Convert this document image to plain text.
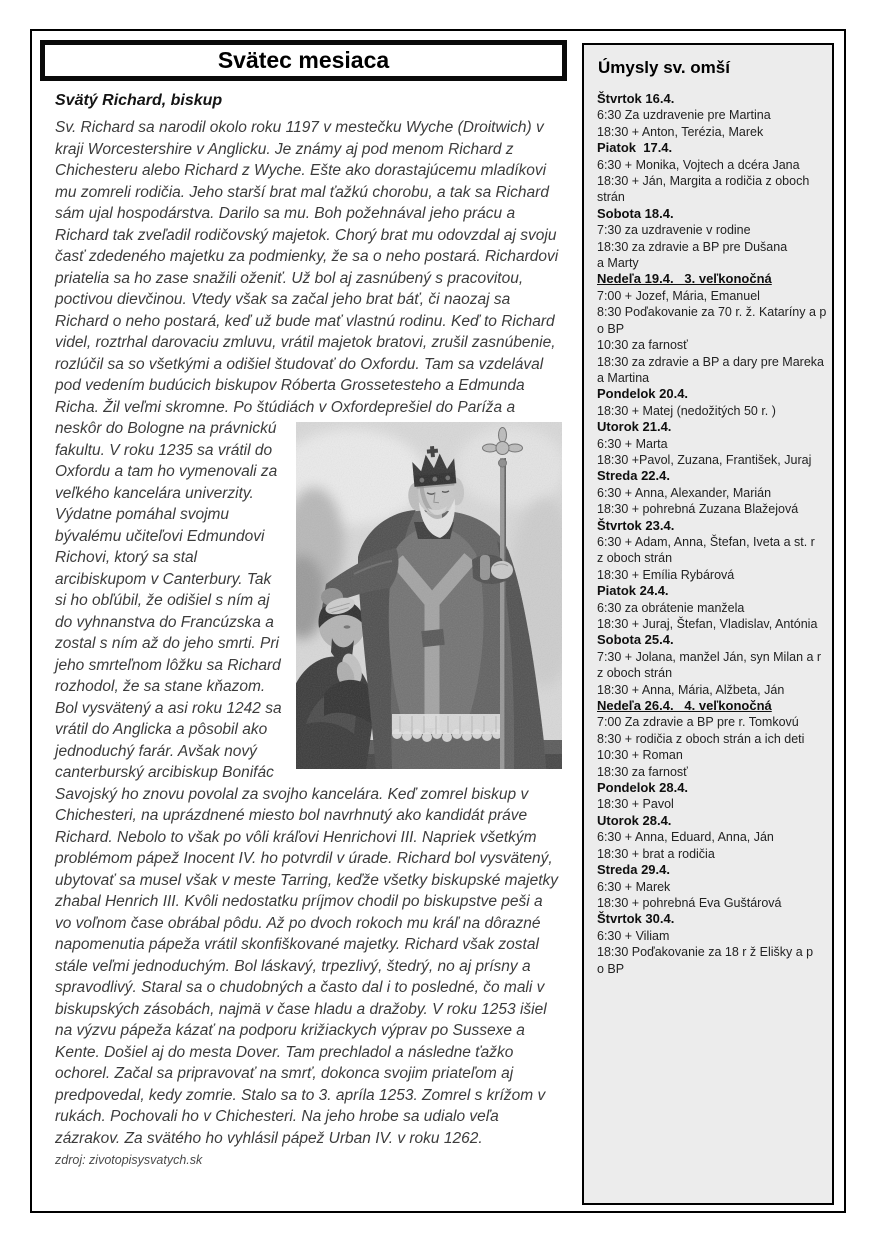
Svätec mesiaca
Svätý Richard, biskup

Sv. Richard sa narodil okolo roku 1197 v mestečku Wyche (Droitwich) v kraji Worcestershire v Anglicku. Je známy aj pod menom Richard z Chichesteru alebo Richard z Wyche. Ešte ako dorastajúcemu mladíkovi mu zomreli rodičia. Jeho starší brat mal ťažkú chorobu, a tak sa Richard sám ujal hospodárstva. Darilo sa mu. Boh požehnával jeho prácu a Richard tak zveľadil rodičovský majetok. Chorý brat mu odovzdal aj svoju časť zdedeného majetku za podmienky, že sa o neho postará. Richardovi priatelia sa ho zase snažili oženiť. Už bol aj zasnúbený s pracovitou, poctivou dievčinou. Vtedy však sa začal jeho brat báť, či naozaj sa Richard o neho postará, keď už bude mať vlastnú rodinu. Keď to Richard videl, roztrhal darovaciu zmluvu, vrátil majetok bratovi, zrušil zasnúbenie, rozlúčil sa so všetkými a odišiel študovať do Oxfordu. Tam sa vzdelával pod vedením budúcich biskupov Róberta Grossetesteho a Edmunda Richa. Žil veľmi skromne. Po štúdiách v Oxforde
prešiel do Paríža a neskôr do Bologne na právnickú fakultu. V roku 1235 sa vrátil do Oxfordu a tam ho vymenovali za veľkého kancelára univerzity. Výdatne pomáhal svojmu bývalému učiteľovi Edmundovi Richovi, ktorý sa stal arcibiskupom v Canterbury. Tak si ho obľúbil, že odišiel s ním aj do vyhnanstva do Francúzska a zostal s ním až do jeho smrti. Pri jeho smrteľnom lôžku sa Richard rozhodol, že sa stane kňazom. Bol vysvätený a asi roku 1242 sa vrátil do Anglicka a pôsobil ako jednoduchý farár. Avšak nový canterburský arcibiskup Bonifác Savojský ho znovu povolal za svojho kancelára. Keď zomrel biskup v Chichesteri, na uprázdnené miesto bol navrhnutý ako kandidát práve Richard. Nebolo to však po vôli kráľovi Henrichovi III. Napriek všetkým problémom pápež Inocent IV. ho potvrdil v úrade. Richard bol vysvätený, ubytovať sa musel však v meste Tarring, keďže všetky biskupské majetky zhabal Henrich III. Kvôli nedostatku príjmov chodil po biskupstve peši a vo voľnom čase obrábal pôdu. Až po dvoch rokoch mu kráľ na dôrazné napomenutia pápeža vrátil skonfiškované majetky. Richard však zostal stále veľmi jednoduchým. Bol láskavý, trpezlivý, štedrý, no aj prísny a spravodlivý. Staral sa o chudobných a často dal i to posledné, čo mali v biskupských zásobách, najmä v čase hladu a dražoby. V roku 1253 išiel na výzvu pápeža kázať na podporu križiackych výprav po Sussexe a Kente. Došiel aj do mesta Dover. Tam prechladol a následne ťažko ochorel. Začal sa pripravovať na smrť, dokonca svojim priateľom aj predpovedal, kedy zomrie. Stalo sa to 3. apríla 1253. Zomrel s krížom v rukách. Pochovali ho v Chichesteri. Na jeho hrobe sa udialo veľa zázrakov. Za svätého ho vyhlásil pápež Urban IV. v roku 1262.
zdroj: zivotopisysvatych.sk

Úmysly sv. omší
Štvrtok 16.4.
6:30 Za uzdravenie pre Martina
18:30 + Anton, Terézia, Marek
Piatok  17.4.
6:30 + Monika, Vojtech a dcéra Jana
18:30 + Ján, Margita a rodičia z oboch
strán
Sobota 18.4.
7:30 za uzdravenie v rodine
18:30 za zdravie a BP pre Dušana
a Marty
Nedeľa 19.4.   3. veľkonočná
7:00 + Jozef, Mária, Emanuel
8:30 Poďakovanie za 70 r. ž. Kataríny a p
o BP
10:30 za farnosť
18:30 za zdravie a BP a dary pre Mareka
a Martina
Pondelok 20.4.
18:30 + Matej (nedožitých 50 r. )
Utorok 21.4.
6:30 + Marta
18:30 +Pavol, Zuzana, František, Juraj
Streda 22.4.
6:30 + Anna, Alexander, Marián
18:30 + pohrebná Zuzana Blažejová
Štvrtok 23.4.
6:30 + Adam, Anna, Štefan, Iveta a st. r
z oboch strán
18:30 + Emília Rybárová
Piatok 24.4.
6:30 za obrátenie manžela
18:30 + Juraj, Štefan, Vladislav, Antónia
Sobota 25.4.
7:30 + Jolana, manžel Ján, syn Milan a r
z oboch strán
18:30 + Anna, Mária, Alžbeta, Ján
Nedeľa 26.4.   4. veľkonočná
7:00 Za zdravie a BP pre r. Tomkovú
8:30 + rodičia z oboch strán a ich deti
10:30 + Roman
18:30 za farnosť
Pondelok 28.4.
18:30 + Pavol
Utorok 28.4.
6:30 + Anna, Eduard, Anna, Ján
18:30 + brat a rodičia
Streda 29.4.
6:30 + Marek
18:30 + pohrebná Eva Guštárová
Štvrtok 30.4.
6:30 + Viliam
18:30 Poďakovanie za 18 r ž Elišky a p
o BP
